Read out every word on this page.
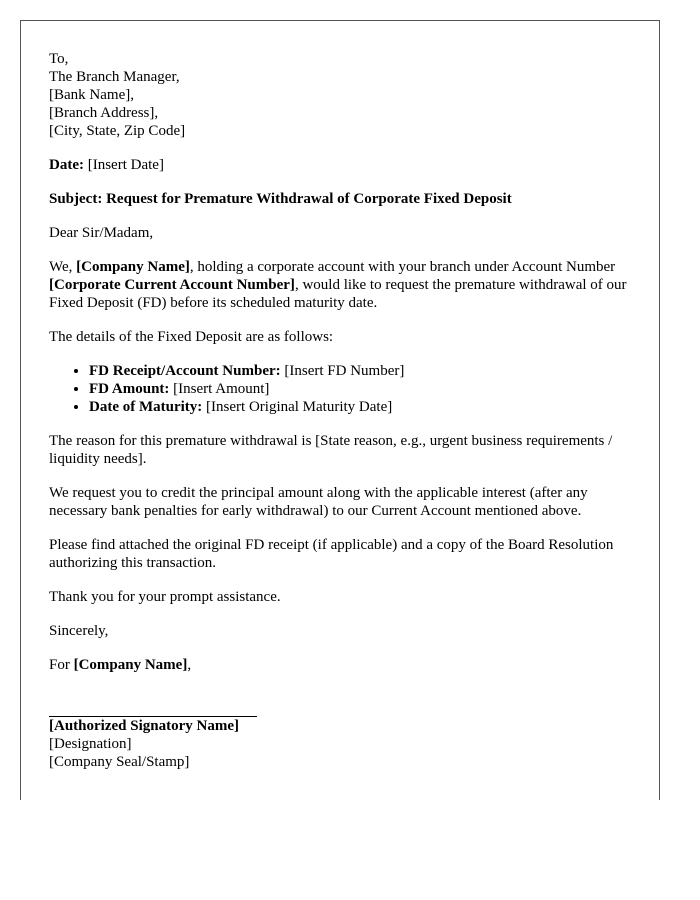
To,
The Branch Manager,
[Bank Name],
[Branch Address],
[City, State, Zip Code]

Date: [Insert Date]

Subject: Request for Premature Withdrawal of Corporate Fixed Deposit

Dear Sir/Madam,

We, [Company Name], holding a corporate account with your branch under Account Number [Corporate Current Account Number], would like to request the premature withdrawal of our Fixed Deposit (FD) before its scheduled maturity date.

The details of the Fixed Deposit are as follows:

• FD Receipt/Account Number: [Insert FD Number]
• FD Amount: [Insert Amount]
• Date of Maturity: [Insert Original Maturity Date]

The reason for this premature withdrawal is [State reason, e.g., urgent business requirements / liquidity needs].

We request you to credit the principal amount along with the applicable interest (after any necessary bank penalties for early withdrawal) to our Current Account mentioned above.

Please find attached the original FD receipt (if applicable) and a copy of the Board Resolution authorizing this transaction.

Thank you for your prompt assistance.

Sincerely,

For [Company Name],

[Authorized Signatory Name]
[Designation]
[Company Seal/Stamp]
